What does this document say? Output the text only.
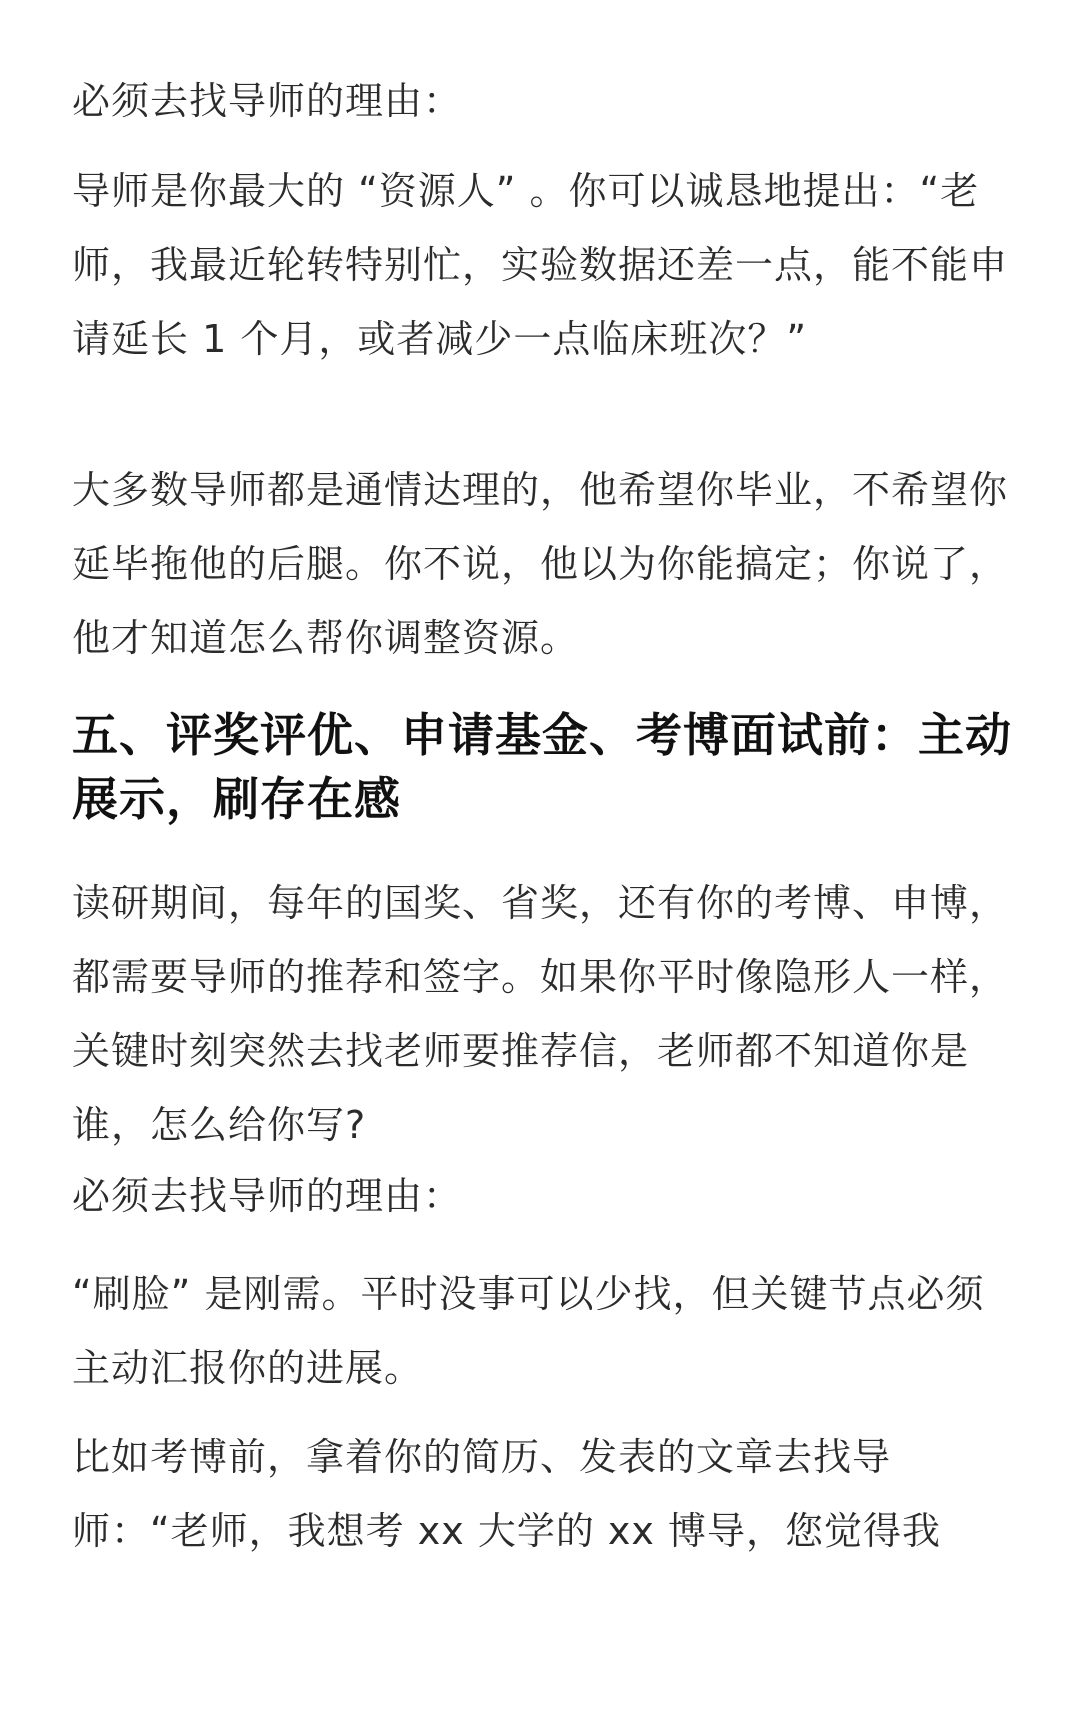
必须去找导师的理由：

导师是你最大的 “资源人” 。你可以诚恳地提出：“老师，我最近轮转特别忙，实验数据还差一点，能不能申请延长 1 个月，或者减少一点临床班次？”

大多数导师都是通情达理的，他希望你毕业，不希望你延毕拖他的后腿。你不说，他以为你能搞定；你说了，他才知道怎么帮你调整资源。

五、评奖评优、申请基金、考博面试前：主动展示，刷存在感

读研期间，每年的国奖、省奖，还有你的考博、申博，都需要导师的推荐和签字。如果你平时像隐形人一样，关键时刻突然去找老师要推荐信，老师都不知道你是谁，怎么给你写?

必须去找导师的理由：

“刷脸” 是刚需。平时没事可以少找，但关键节点必须主动汇报你的进展。

比如考博前，拿着你的简历、发表的文章去找导师：“老师，我想考 xx 大学的 xx 博导，您觉得我
